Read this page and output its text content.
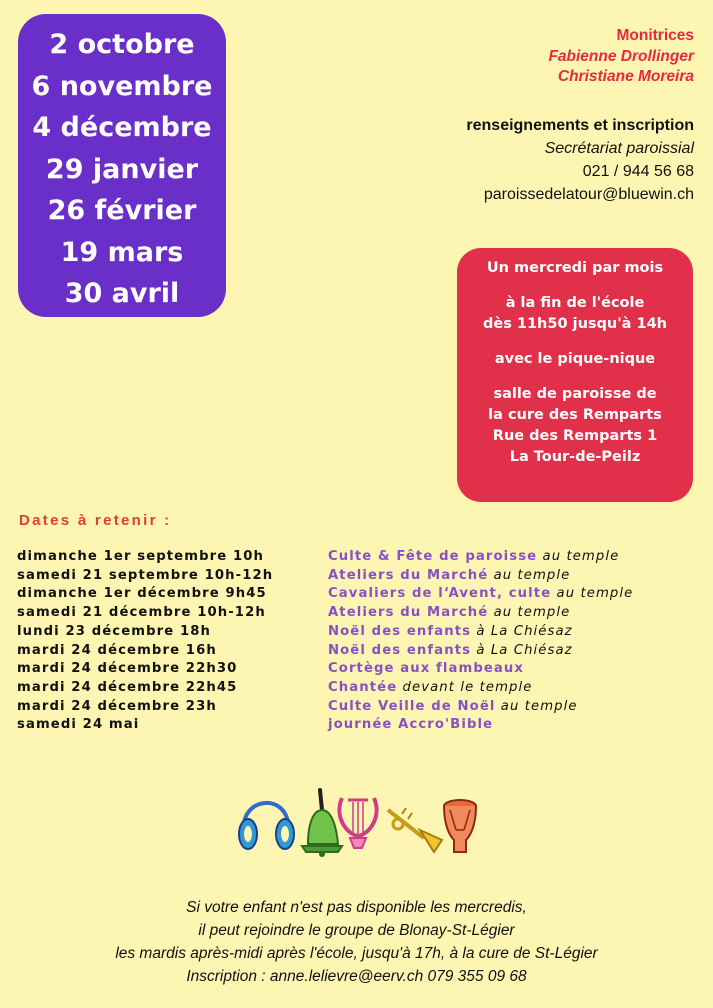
2 octobre
6 novembre
4 décembre
29 janvier
26 février
19 mars
30 avril
Monitrices
Fabienne Drollinger
Christiane Moreira
renseignements et inscription
Secrétariat paroissial
021 / 944 56 68
paroissedelatour@bluewin.ch
Un mercredi par mois
à la fin de l'école
dès 11h50 jusqu'à 14h
avec le pique-nique
salle de paroisse de
la cure des Remparts
Rue des Remparts 1
La Tour-de-Peilz
Dates à retenir :
dimanche 1er septembre 10h	Culte & Fête de paroisse au temple
samedi 21 septembre 10h-12h	Ateliers du Marché au temple
dimanche 1er décembre 9h45	Cavaliers de l‘Avent, culte au temple
samedi 21 décembre 10h-12h	Ateliers du Marché au temple
lundi 23 décembre 18h	Noël des enfants à La Chiésaz
mardi 24 décembre 16h	Noël des enfants à La Chiésaz
mardi 24 décembre 22h30	Cortège aux flambeaux
mardi 24 décembre 22h45	Chantée devant le temple
mardi 24 décembre 23h	Culte Veille de Noël au temple
samedi 24 mai	journée Accro'Bible
Si votre enfant n'est pas disponible les mercredis,
il peut rejoindre le groupe de Blonay-St-Légier
les mardis après-midi après l'école, jusqu'à 17h, à la cure de St-Légier
Inscription : anne.lelievre@eerv.ch 079 355 09 68
